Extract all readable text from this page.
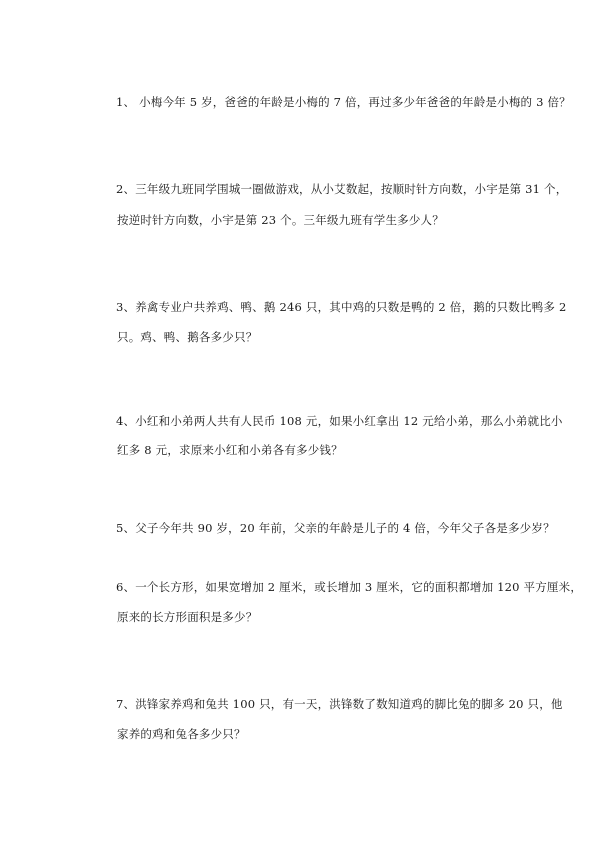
1、 小梅今年 5 岁，爸爸的年龄是小梅的 7 倍，再过多少年爸爸的年龄是小梅的 3 倍？
2、三年级九班同学围城一圈做游戏，从小艾数起，按顺时针方向数，小宇是第 31 个，
按逆时针方向数，小宇是第 23 个。三年级九班有学生多少人？
3、养禽专业户共养鸡、鸭、鹅 246 只，其中鸡的只数是鸭的 2 倍，鹅的只数比鸭多 2
只。鸡、鸭、鹅各多少只？
4、小红和小弟两人共有人民币 108 元，如果小红拿出 12 元给小弟，那么小弟就比小
红多 8 元，求原来小红和小弟各有多少钱？
5、父子今年共 90 岁，20 年前，父亲的年龄是儿子的 4 倍，今年父子各是多少岁？
6、一个长方形，如果宽增加 2 厘米，或长增加 3 厘米，它的面积都增加 120 平方厘米，
原来的长方形面积是多少？
7、洪锋家养鸡和兔共 100 只，有一天，洪锋数了数知道鸡的脚比兔的脚多 20 只，他
家养的鸡和兔各多少只？
